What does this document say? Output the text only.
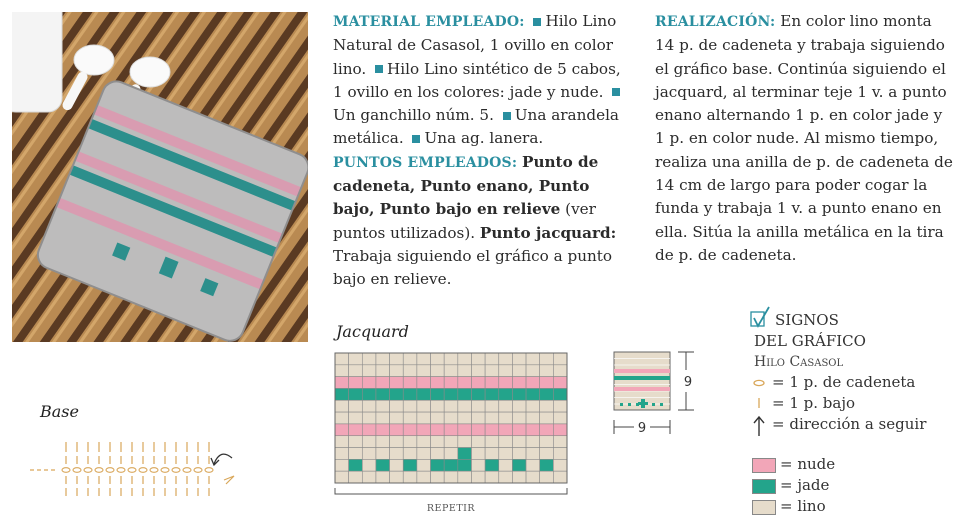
MATERIAL EMPLEADO: Hilo Lino Natural de Casasol, 1 ovillo en color lino. Hilo Lino sintético de 5 cabos, 1 ovillo en los colores: jade y nude. Un ganchillo núm. 5. Una arandela metálica. Una ag. lanera.
PUNTOS EMPLEADOS: Punto de cadeneta, Punto enano, Punto bajo, Punto bajo en relieve (ver puntos utilizados). Punto jacquard: Trabaja siguiendo el gráfico a punto bajo en relieve.
REALIZACIÓN: En color lino monta 14 p. de cadeneta y trabaja siguiendo el gráfico base. Continúa siguiendo el jacquard, al terminar teje 1 v. a punto enano alternando 1 p. en color jade y 1 p. en color nude. Al mismo tiempo, realiza una anilla de p. de cadeneta de 14 cm de largo para poder cogar la funda y trabaja 1 v. a punto enano en ella. Sitúa la anilla metálica en la tira de p. de cadeneta.
Jacquard
REPETIR
9
9
Base
SIGNOS
DEL GRÁFICO
Hilo Casasol
= 1 p. de cadeneta
= 1 p. bajo
= dirección a seguir
= nude
= jade
= lino
